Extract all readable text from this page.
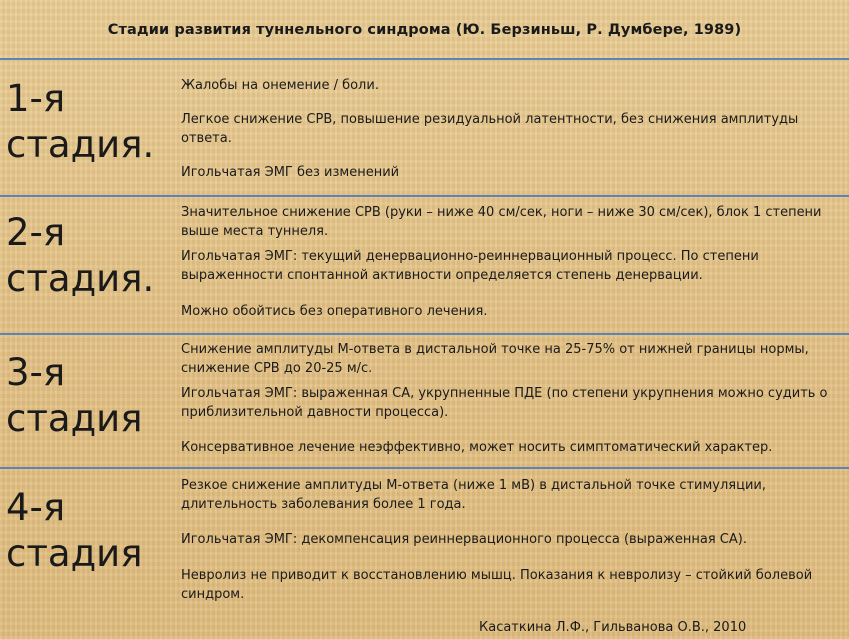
Стадии развития туннельного синдрома (Ю. Берзиньш, Р. Думбере, 1989)
1-я
стадия.
Жалобы на онемение / боли.
Легкое снижение СРВ, повышение резидуальной латентности, без снижения амплитуды ответа.
Игольчатая ЭМГ без изменений
2-я
стадия.
Значительное снижение СРВ (руки – ниже 40 см/сек, ноги – ниже 30 см/сек), блок 1 степени выше места туннеля.
Игольчатая ЭМГ: текущий денервационно-реиннервационный процесс. По степени выраженности спонтанной активности определяется степень денервации.
Можно обойтись без оперативного лечения.
3-я
стадия
Снижение амплитуды М-ответа в дистальной точке на 25-75% от нижней границы нормы, снижение СРВ до 20-25 м/с.
Игольчатая ЭМГ: выраженная СА, укрупненные ПДЕ (по степени укрупнения можно судить о приблизительной давности процесса).
Консервативное лечение неэффективно, может носить симптоматический характер.
4-я
стадия
Резкое снижение амплитуды М-ответа (ниже 1 мВ) в дистальной точке стимуляции, длительность заболевания более 1 года.
Игольчатая ЭМГ: декомпенсация реиннервационного процесса (выраженная СА).
Невролиз не приводит к восстановлению мышц. Показания к невролизу – стойкий болевой синдром.
Касаткина Л.Ф., Гильванова О.В., 2010
